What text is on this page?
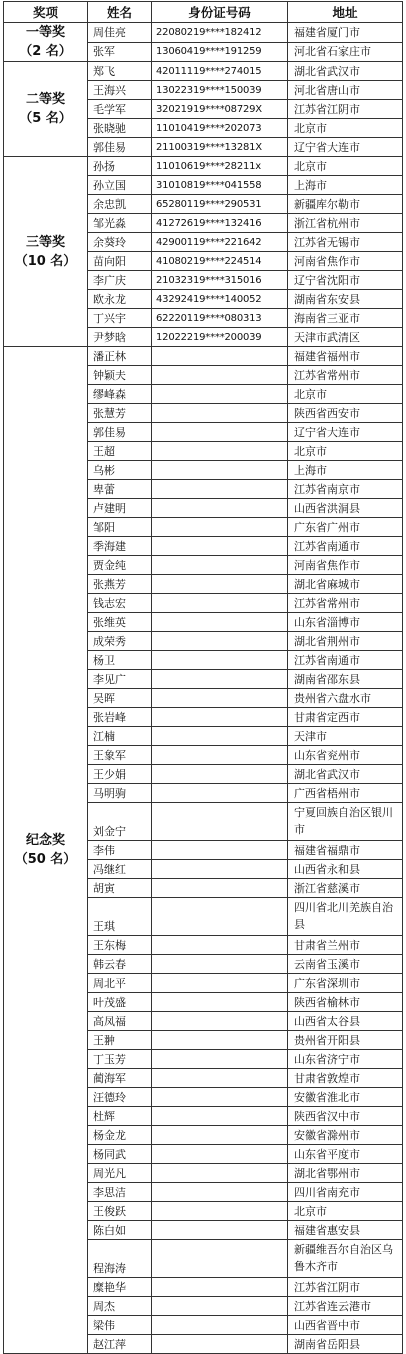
奖项	姓名	身份证号码	地址

一等奖
（2 名）	周佳亮	22080219****182412	福建省厦门市
	张军	13060419****191259	河北省石家庄市

二等奖
（5 名）	郑飞	42011119****274015	湖北省武汉市
	王海兴	13022319****150039	河北省唐山市
	毛学军	32021919****08729X	江苏省江阴市
	张晓驰	11010419****202073	北京市
	郭佳易	21100319****13281X	辽宁省大连市

三等奖
（10 名）	孙扬	11010619****28211x	北京市
	孙立国	31010819****041558	上海市
	余忠凯	65280119****290531	新疆库尔勒市
	邹光淼	41272619****132416	浙江省杭州市
	余葵玲	42900119****221642	江苏省无锡市
	苗向阳	41080219****224514	河南省焦作市
	李广庆	21032319****315016	辽宁省沈阳市
	欧永龙	43292419****140052	湖南省东安县
	丁兴宇	62220119****080313	海南省三亚市
	尹梦晗	12022219****200039	天津市武清区

纪念奖
（50 名）	潘正林		福建省福州市
	钟颖夫		江苏省常州市
	缪峰森		北京市
	张慧芳		陕西省西安市
	郭佳易		辽宁省大连市
	王超		北京市
	乌彬		上海市
	卑蕾		江苏省南京市
	卢建明		山西省洪洞县
	邹阳		广东省广州市
	季海建		江苏省南通市
	贾金纯		河南省焦作市
	张燕芳		湖北省麻城市
	钱志宏		江苏省常州市
	张维英		山东省淄博市
	成荣秀		湖北省荆州市
	杨卫		江苏省南通市
	李见广		湖南省邵东县
	吴晖		贵州省六盘水市
	张岩峰		甘肃省定西市
	江楠		天津市
	王象军		山东省兖州市
	王少娟		湖北省武汉市
	马明驹		广西省梧州市
	刘金宁		宁夏回族自治区银川市
	李伟		福建省福鼎市
	冯继红		山西省永和县
	胡寅		浙江省慈溪市
	王琪		四川省北川羌族自治县
	王东梅		甘肃省兰州市
	韩云春		云南省玉溪市
	周北平		广东省深圳市
	叶茂盛		陕西省榆林市
	高凤福		山西省太谷县
	王翀		贵州省开阳县
	丁玉芳		山东省济宁市
	蔺海军		甘肃省敦煌市
	汪德玲		安徽省淮北市
	杜辉		陕西省汉中市
	杨金龙		安徽省滁州市
	杨同武		山东省平度市
	周光凡		湖北省鄂州市
	李思洁		四川省南充市
	王俊跃		北京市
	陈白如		福建省惠安县
	程海涛		新疆维吾尔自治区乌鲁木齐市
	糜艳华		江苏省江阴市
	周杰		江苏省连云港市
	梁伟		山西省晋中市
	赵江萍		湖南省岳阳县
